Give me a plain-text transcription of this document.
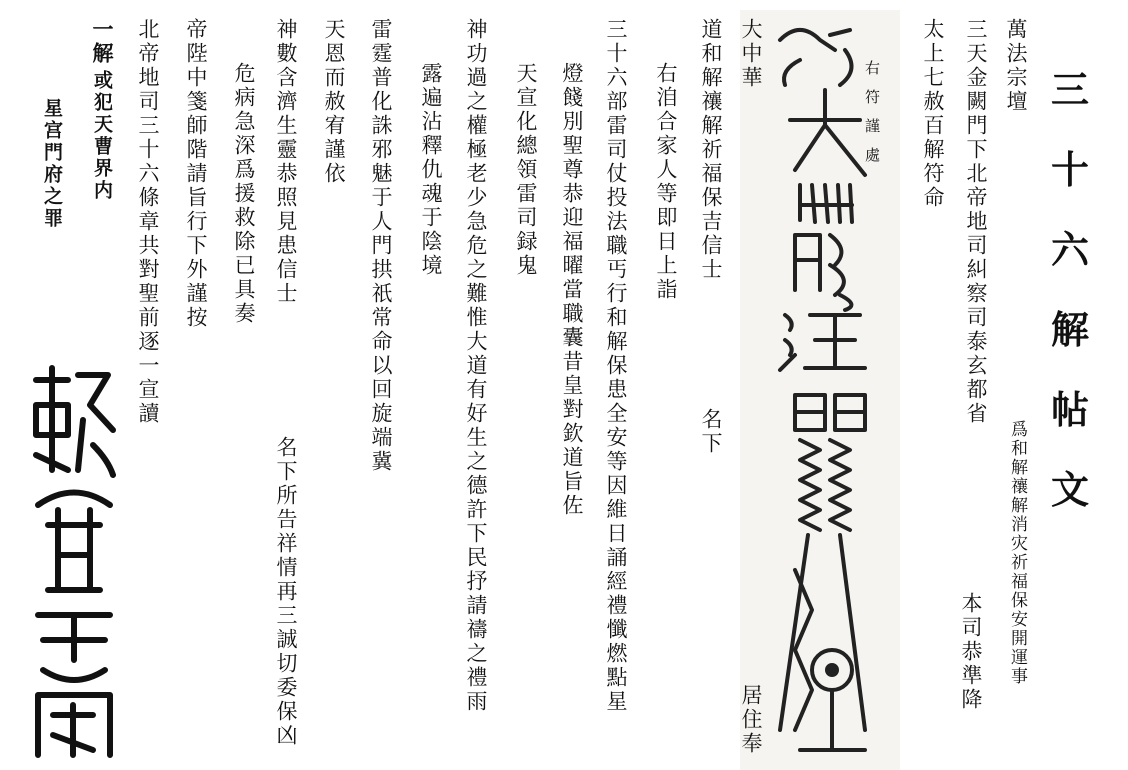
三
十
六
解
帖
文
萬法宗壇
三天金闕門下北帝地司糾察司泰玄都省
太上七赦百解符命
爲和解禳解消灾祈福保安開運事
本司恭準降
右符謹處
大中華
道和解禳解祈福保吉信士
名下
居住奉
右洎合家人等即日上詣
三十六部雷司仗投法職丐行和解保患全安等因維日誦經禮懺燃點星
燈餞別聖尊恭迎福曜當職囊昔皇對欽道旨佐
天宣化總領雷司録鬼
神功過之權極老少急危之難惟大道有好生之德許下民抒請禱之禮雨
露遍沾釋仇魂于陰境
雷霆普化誅邪魅于人門拱祇常命以回旋端冀
天恩而赦宥謹依
神數含濟生靈恭照見患信士
名下所告祥情再三誠切委保凶
危病急深爲援救除已具奏
帝陛中箋師階請旨行下外謹按
北帝地司三十六條章共對聖前逐一宣讀
一解
或犯天曹界内
星宫門府之罪
